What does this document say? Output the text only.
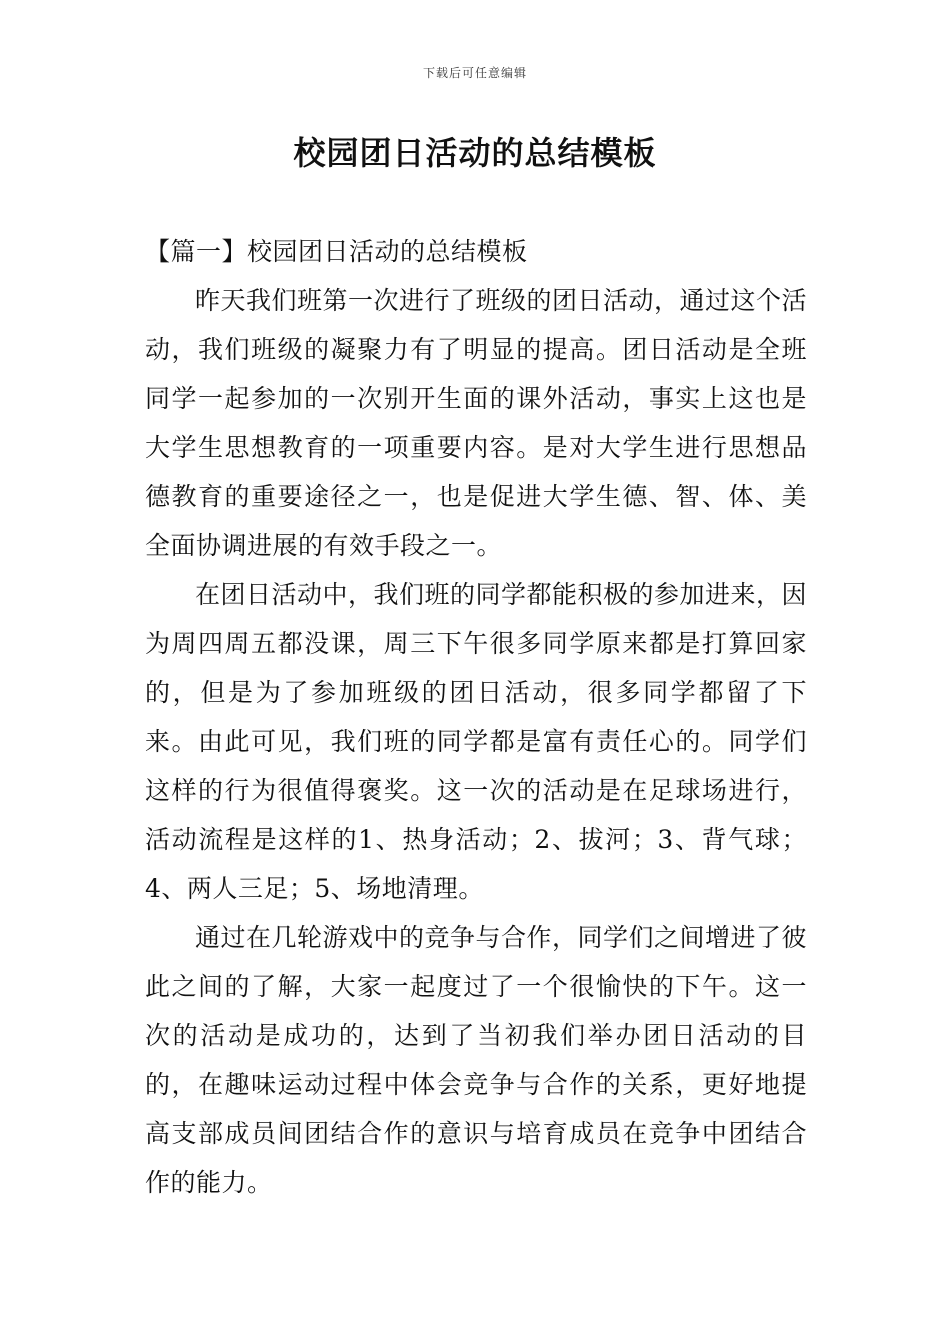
下载后可任意编辑
校园团日活动的总结模板

【篇一】校园团日活动的总结模板

昨天我们班第一次进行了班级的团日活动，通过这个活动，我们班级的凝聚力有了明显的提高。团日活动是全班同学一起参加的一次别开生面的课外活动，事实上这也是大学生思想教育的一项重要内容。是对大学生进行思想品德教育的重要途径之一，也是促进大学生德、智、体、美全面协调进展的有效手段之一。

在团日活动中，我们班的同学都能积极的参加进来，因为周四周五都没课，周三下午很多同学原来都是打算回家的，但是为了参加班级的团日活动，很多同学都留了下来。由此可见，我们班的同学都是富有责任心的。同学们这样的行为很值得褒奖。这一次的活动是在足球场进行，活动流程是这样的1、热身活动；2、拔河；3、背气球；4、两人三足；5、场地清理。

通过在几轮游戏中的竞争与合作，同学们之间增进了彼此之间的了解，大家一起度过了一个很愉快的下午。这一次的活动是成功的，达到了当初我们举办团日活动的目的，在趣味运动过程中体会竞争与合作的关系，更好地提高支部成员间团结合作的意识与培育成员在竞争中团结合作的能力。
